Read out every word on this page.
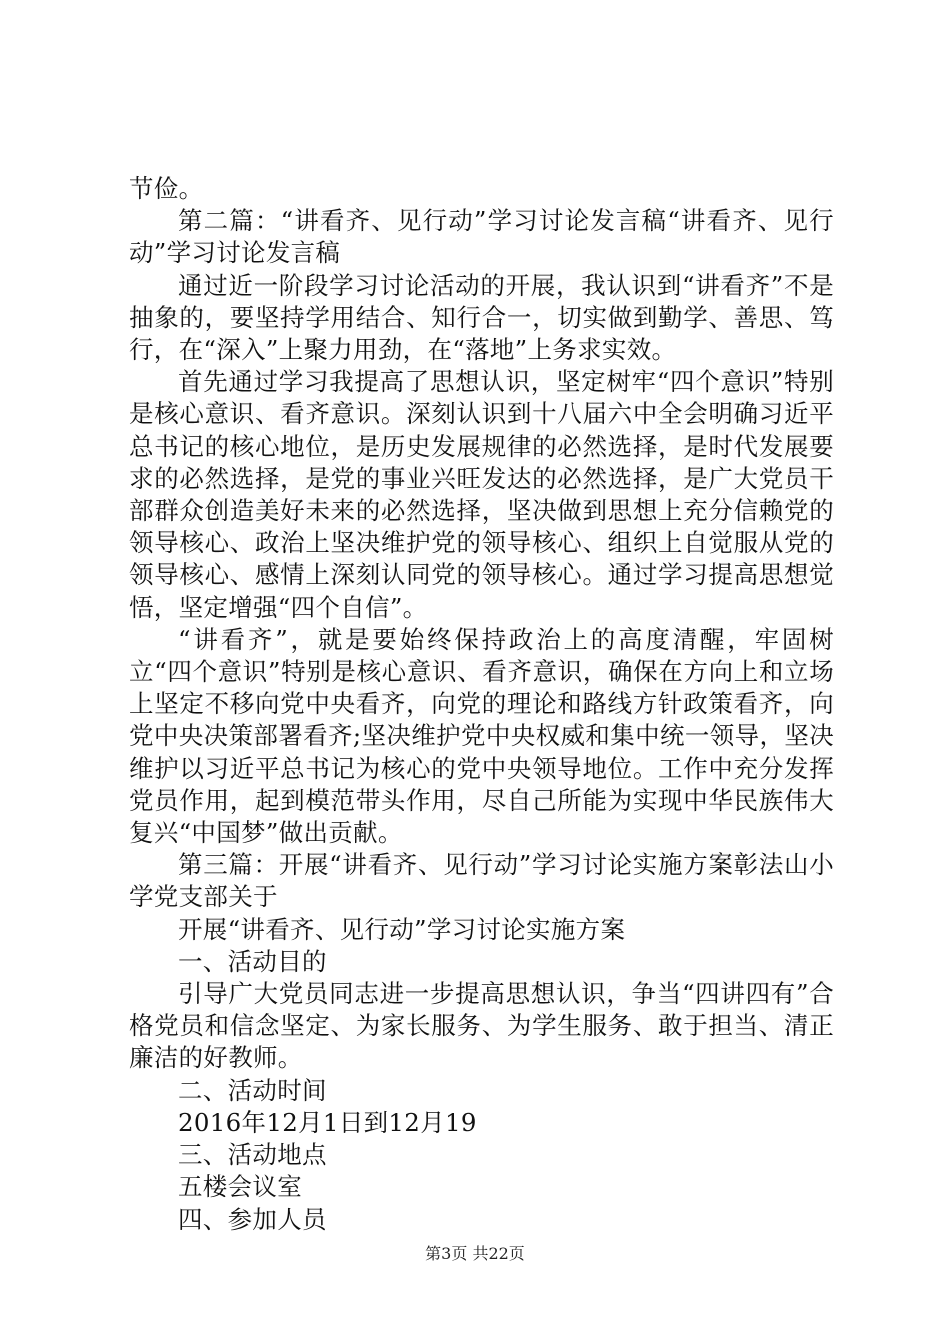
节俭。

第二篇：“讲看齐、见行动”学习讨论发言稿“讲看齐、见行动”学习讨论发言稿

通过近一阶段学习讨论活动的开展，我认识到“讲看齐”不是抽象的，要坚持学用结合、知行合一，切实做到勤学、善思、笃行，在“深入”上聚力用劲，在“落地”上务求实效。

首先通过学习我提高了思想认识，坚定树牢“四个意识”特别是核心意识、看齐意识。深刻认识到十八届六中全会明确习近平总书记的核心地位，是历史发展规律的必然选择，是时代发展要求的必然选择，是党的事业兴旺发达的必然选择，是广大党员干部群众创造美好未来的必然选择，坚决做到思想上充分信赖党的领导核心、政治上坚决维护党的领导核心、组织上自觉服从党的领导核心、感情上深刻认同党的领导核心。通过学习提高思想觉悟，坚定增强“四个自信”。

“讲看齐”，就是要始终保持政治上的高度清醒，牢固树立“四个意识”特别是核心意识、看齐意识，确保在方向上和立场上坚定不移向党中央看齐，向党的理论和路线方针政策看齐，向党中央决策部署看齐;坚决维护党中央权威和集中统一领导，坚决维护以习近平总书记为核心的党中央领导地位。工作中充分发挥党员作用，起到模范带头作用，尽自己所能为实现中华民族伟大复兴“中国梦”做出贡献。

第三篇：开展“讲看齐、见行动”学习讨论实施方案彰法山小学党支部关于

开展“讲看齐、见行动”学习讨论实施方案

一、活动目的

引导广大党员同志进一步提高思想认识，争当“四讲四有”合格党员和信念坚定、为家长服务、为学生服务、敢于担当、清正廉洁的好教师。

二、活动时间

2016年12月1日到12月19

三、活动地点

五楼会议室

四、参加人员

第3页 共22页
